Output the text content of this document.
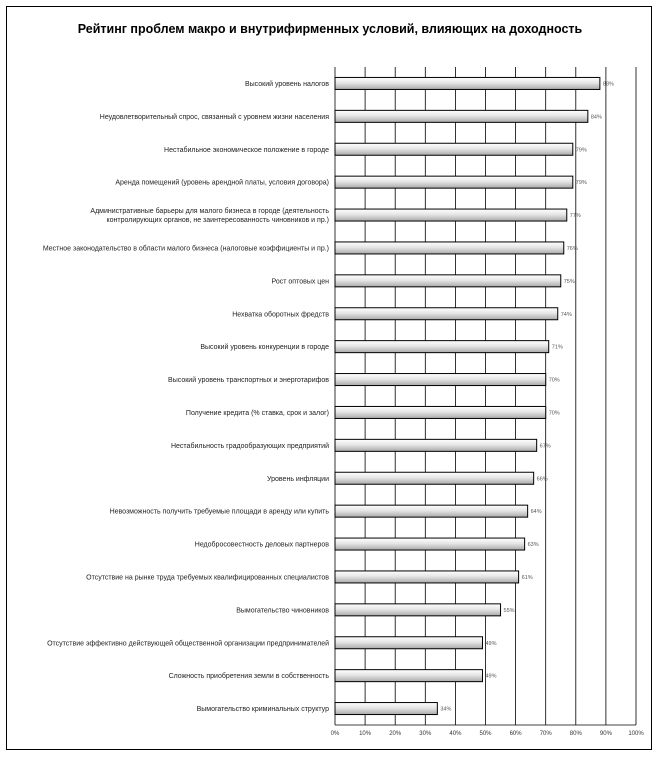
Рейтинг проблем макро и внутрифирменных условий, влияющих на доходность
88%
84%
79%
79%
77%
76%
75%
74%
71%
70%
70%
67%
66%
64%
63%
61%
55%
49%
49%
34%
Высокий уровень налогов
Неудовлетворительный спрос, связанный с уровнем жизни населения
Нестабильное экономическое положение в городе
Аренда помещений (уровень арендной платы, условия договора)
Административные барьеры для малого бизнеса в городе (деятельность
контролирующих органов, не заинтересованность чиновников и пр.)
Местное законодательство в области малого бизнеса (налоговые коэффициенты и пр.)
Рост оптовых цен
Нехватка оборотных фредств
Высокий уровень конкуренции в городе
Высокий уровень транспортных и энерготарифов
Получение кредита (% ставка, срок и залог)
Нестабильность градообразующих предприятий
Уровень инфляции
Невозможность получить требуемые площади в аренду или купить
Недобросовестность деловых партнеров
Отсутствие на рынке труда требуемых квалифицированных специалистов
Вымогательство чиновников
Отсутствие эффективно действующей общественной организации предпринимателей
Сложность приобретения земли в собственность
Вымогательство криминальных структур
0%	10%	20%	30%	40%	50%	60%	70%	80%	90%	100%
